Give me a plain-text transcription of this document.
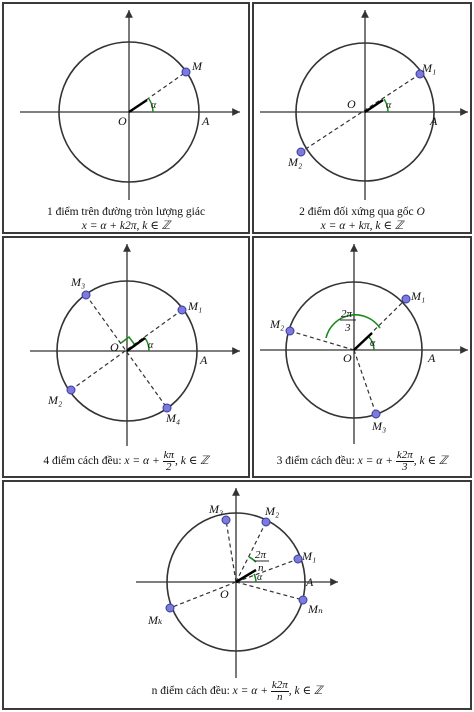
M
O	A
α
1 điểm trên đường tròn lượng giác
x = α + k2π, k ∈ ℤ
M₁
M₂
O
A
α
2 điểm đối xứng qua gốc O
x = α + kπ, k ∈ ℤ
M₁
M₂
M₃
M₄
O
A
α
4 điểm cách đều: $x = \alpha + \frac{k\pi}{2}$ , k ∈ ℤ
M₁
M₂
M₃
O	A
α
2π
3
3 điểm cách đều: $x = \alpha + \frac{k2\pi}{3}$ , k ∈ ℤ
M₃	M₂
M₁
Mₙ
Mₖ
O
A
α
2π
n
n điểm cách đều: $x = \alpha + \frac{k2\pi}{n}$ , k ∈ ℤ
